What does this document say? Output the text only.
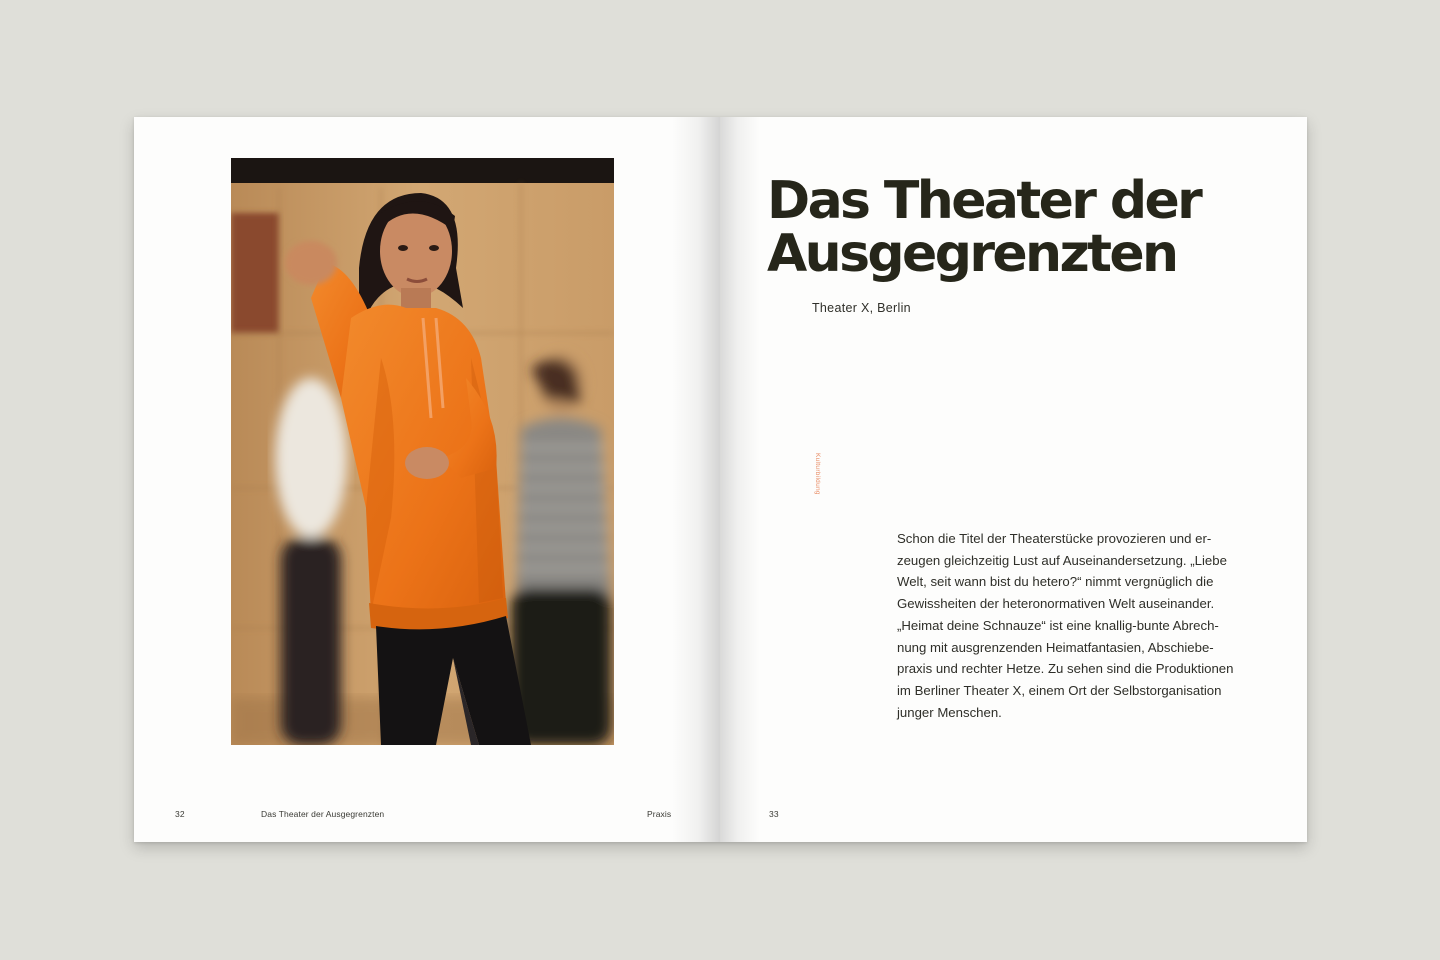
32	Das Theater der Ausgegrenzten	Praxis
Das Theater der
Ausgegrenzten
Theater X, Berlin
Schon die Titel der Theaterstücke provozieren und er-
zeugen gleichzeitig Lust auf Auseinandersetzung. „Liebe
Welt, seit wann bist du hetero?“ nimmt vergnüglich die
Gewissheiten der heteronormativen Welt auseinander.
„Heimat deine Schnauze“ ist eine knallig-bunte Abrech-
nung mit ausgrenzenden Heimatfantasien, Abschiebe-
praxis und rechter Hetze. Zu sehen sind die Produktionen
im Berliner Theater X, einem Ort der Selbstorganisation
junger Menschen.
33
Kulturbildung
